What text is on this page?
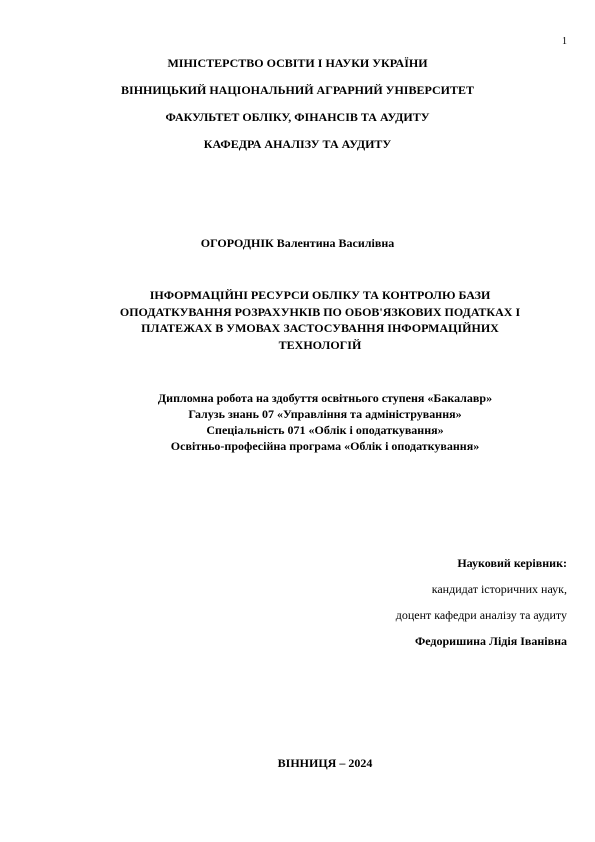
1
МІНІСТЕРСТВО ОСВІТИ І НАУКИ УКРАЇНИ
ВІННИЦЬКИЙ НАЦІОНАЛЬНИЙ АГРАРНИЙ УНІВЕРСИТЕТ
ФАКУЛЬТЕТ ОБЛІКУ, ФІНАНСІВ ТА АУДИТУ
КАФЕДРА АНАЛІЗУ ТА АУДИТУ
ОГОРОДНІК Валентина Василівна
ІНФОРМАЦІЙНІ РЕСУРСИ ОБЛІКУ ТА КОНТРОЛЮ БАЗИ
ОПОДАТКУВАННЯ РОЗРАХУНКІВ ПО ОБОВ'ЯЗКОВИХ ПОДАТКАХ І
ПЛАТЕЖАХ В УМОВАХ ЗАСТОСУВАННЯ ІНФОРМАЦІЙНИХ
ТЕХНОЛОГІЙ
Дипломна робота на здобуття освітнього ступеня «Бакалавр»
Галузь знань 07 «Управління та адміністрування»
Спеціальність 071 «Облік і оподаткування»
Освітньо-професійна програма «Облік і оподаткування»
Науковий керівник:
кандидат історичних наук,
доцент кафедри аналізу та аудиту
Федоришина Лідія Іванівна
ВІННИЦЯ – 2024
